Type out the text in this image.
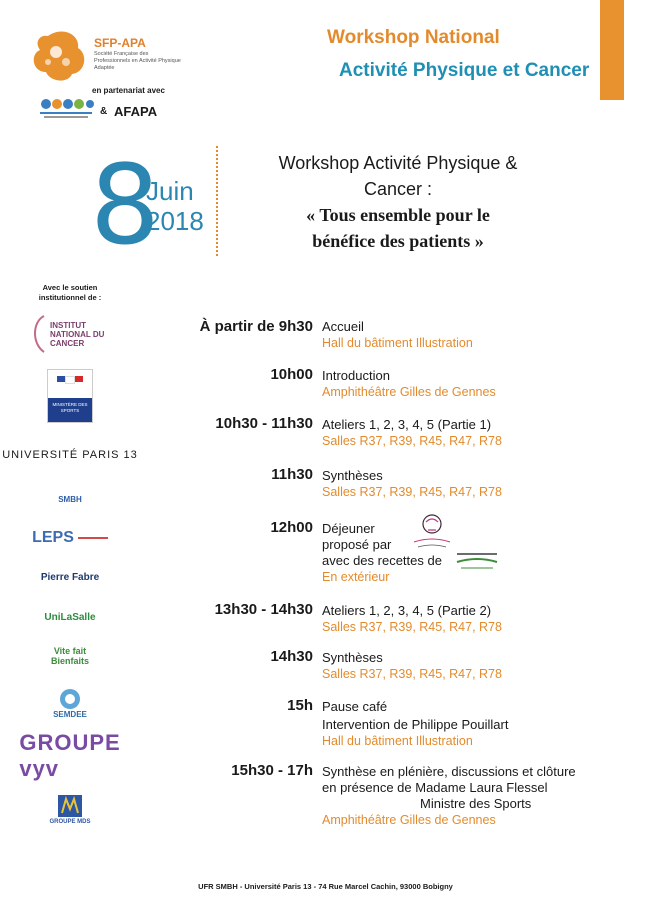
SFP-APA
Société Française des Professionnels en Activité Physique Adaptée
en partenariat avec
& AFAPA
Workshop National
Activité Physique et Cancer
8
Juin
2018
Workshop Activité Physique &
Cancer :
« Tous ensemble pour le
bénéfice des patients »
Avec le soutien institutionnel de :
INSTITUT NATIONAL DU CANCER
MINISTÈRE DES SPORTS
UNIVERSITÉ PARIS 13
SMBH
LEPS
Pierre Fabre
UniLaSalle
Vite fait Bienfaits
SEMDEE
GROUPE vyv
GROUPE MDS
À partir de 9h30 Accueil
Hall du bâtiment Illustration
10h00 Introduction
Amphithéâtre Gilles de Gennes
10h30 - 11h30 Ateliers 1, 2, 3, 4, 5 (Partie 1)
Salles R37, R39, R45, R47, R78
11h30 Synthèses
Salles R37, R39, R45, R47, R78
12h00 Déjeuner
proposé par
avec des recettes de
En extérieur
13h30 - 14h30 Ateliers 1, 2, 3, 4, 5 (Partie 2)
Salles R37, R39, R45, R47, R78
14h30 Synthèses
Salles R37, R39, R45, R47, R78
15h Pause café
Intervention de Philippe Pouillart
Hall du bâtiment Illustration
15h30 - 17h Synthèse en plénière, discussions et clôture
en présence de Madame Laura Flessel
Ministre des Sports
Amphithéâtre Gilles de Gennes
UFR SMBH - Université Paris 13 - 74 Rue Marcel Cachin, 93000 Bobigny
